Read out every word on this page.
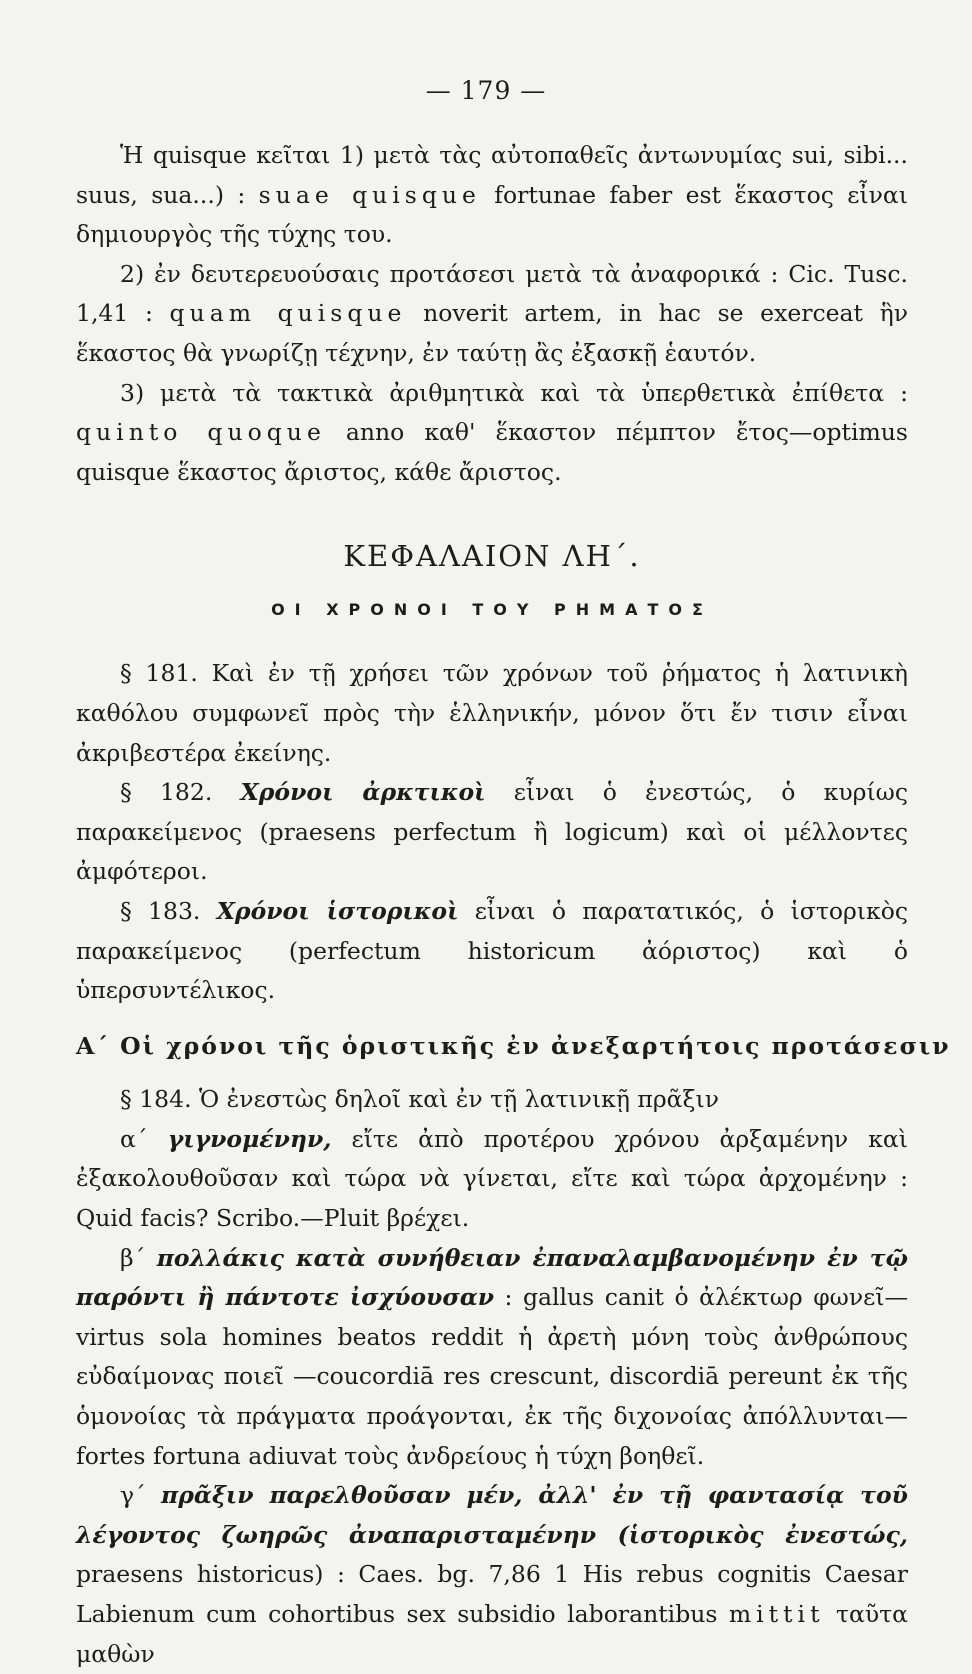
— 179 —

Ἡ quisque κεῖται 1) μετὰ τὰς αὐτοπαθεῖς ἀντωνυμίας sui, sibi... suus, sua...) : suae quisque fortunae faber est ἕκαστος εἶναι δημιουργὸς τῆς τύχης του.

2) ἐν δευτερευούσαις προτάσεσι μετὰ τὰ ἀναφορικά : Cic. Tusc. 1,41 : quam quisque noverit artem, in hac se exerceat ἣν ἕκαστος θὰ γνωρίζῃ τέχνην, ἐν ταύτῃ ἂς ἐξασκῇ ἑαυτόν.

3) μετὰ τὰ τακτικὰ ἀριθμητικὰ καὶ τὰ ὑπερθετικὰ ἐπίθετα : quinto quoque anno καθ' ἕκαστον πέμπτον ἔτος—optimus quisque ἕκαστος ἄριστος, κάθε ἄριστος.

ΚΕΦΑΛΑΙΟΝ ΛΗ΄.
ΟΙ ΧΡΟΝΟΙ ΤΟΥ ΡΗΜΑΤΟΣ

§ 181. Καὶ ἐν τῇ χρήσει τῶν χρόνων τοῦ ῥήματος ἡ λατινικὴ καθόλου συμφωνεῖ πρὸς τὴν ἑλληνικήν, μόνον ὅτι ἔν τισιν εἶναι ἀκριβεστέρα ἐκείνης.

§ 182. Χρόνοι ἀρκτικοὶ εἶναι ὁ ἐνεστώς, ὁ κυρίως παρακείμενος (praesens perfectum ἢ logicum) καὶ οἱ μέλλοντες ἀμφότεροι.

§ 183. Χρόνοι ἱστορικοὶ εἶναι ὁ παρατατικός, ὁ ἱστορικὸς παρακείμενος (perfectum historicum ἀόριστος) καὶ ὁ ὑπερσυντέλικος.

Α΄ Οἱ χρόνοι τῆς ὁριστικῆς ἐν ἀνεξαρτήτοις προτάσεσιν

§ 184. Ὁ ἐνεστὼς δηλοῖ καὶ ἐν τῇ λατινικῇ πρᾶξιν

α΄ γιγνομένην, εἴτε ἀπὸ προτέρου χρόνου ἀρξαμένην καὶ ἐξακολουθοῦσαν καὶ τώρα νὰ γίνεται, εἴτε καὶ τώρα ἀρχομένην : Quid facis? Scribo.—Pluit βρέχει.

β΄ πολλάκις κατὰ συνήθειαν ἐπαναλαμβανομένην ἐν τῷ παρόντι ἢ πάντοτε ἰσχύουσαν : gallus canit ὁ ἀλέκτωρ φωνεῖ—virtus sola homines beatos reddit ἡ ἀρετὴ μόνη τοὺς ἀνθρώπους εὐδαίμονας ποιεῖ —coucordiā res crescunt, discordiā pereunt ἐκ τῆς ὁμονοίας τὰ πράγματα προάγονται, ἐκ τῆς διχονοίας ἀπόλλυνται—fortes fortuna adiuvat τοὺς ἀνδρείους ἡ τύχη βοηθεῖ.

γ΄ πρᾶξιν παρελθοῦσαν μέν, ἀλλ' ἐν τῇ φαντασίᾳ τοῦ λέγοντος ζωηρῶς ἀναπαρισταμένην (ἱστορικὸς ἐνεστώς, praesens historicus) : Caes. bg. 7,86 1 His rebus cognitis Caesar Labienum cum cohortibus sex subsidio laborantibus mittit ταῦτα μαθὼν
